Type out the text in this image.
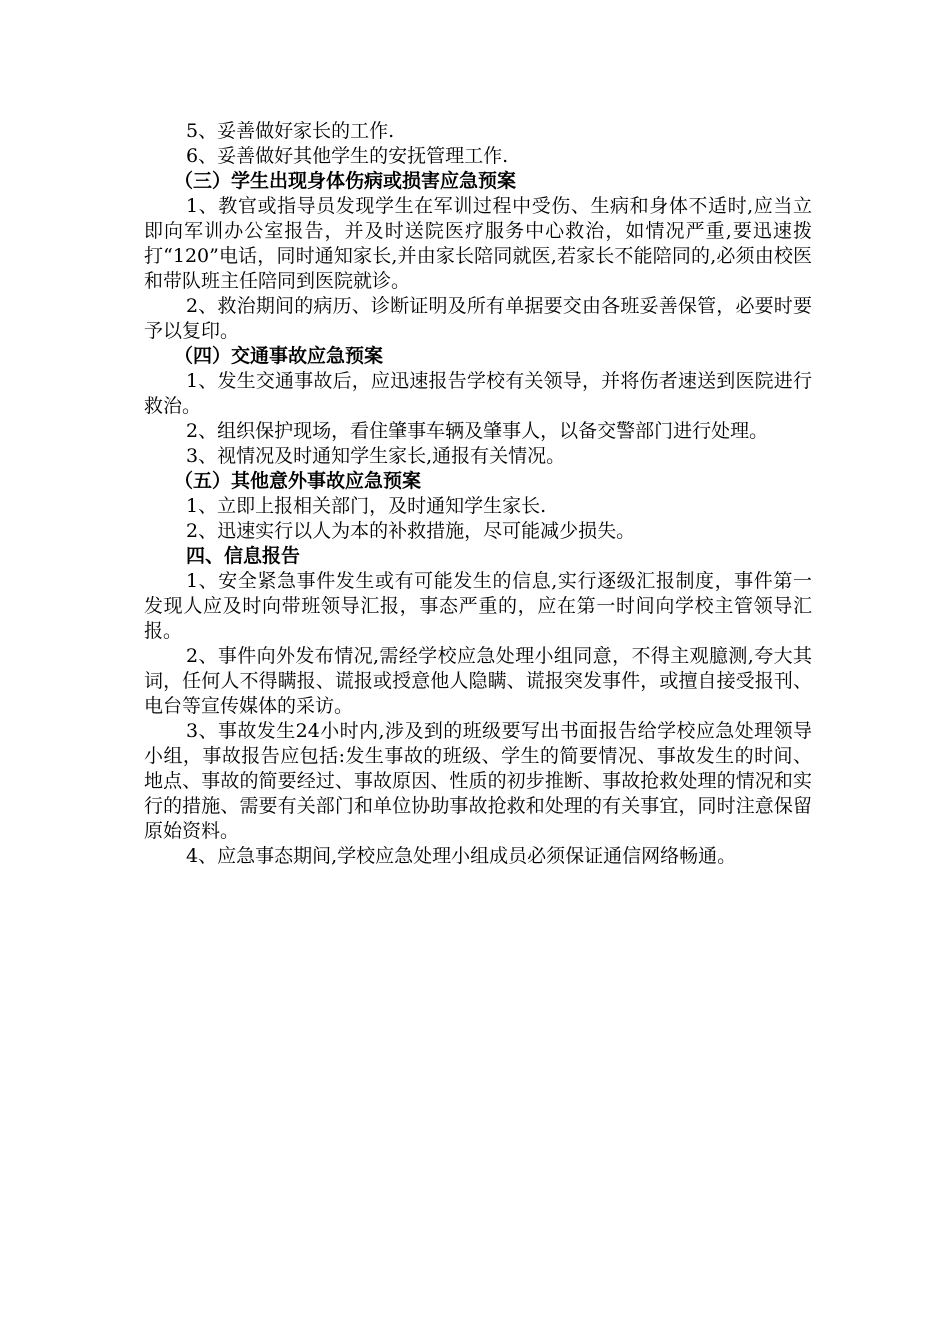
5、妥善做好家长的工作.

6、妥善做好其他学生的安抚管理工作.

（三）学生出现身体伤病或损害应急预案

1、教官或指导员发现学生在军训过程中受伤、生病和身体不适时,应当立即向军训办公室报告，并及时送院医疗服务中心救治，如情况严重,要迅速拨打“120”电话，同时通知家长,并由家长陪同就医,若家长不能陪同的,必须由校医和带队班主任陪同到医院就诊。

2、救治期间的病历、诊断证明及所有单据要交由各班妥善保管，必要时要予以复印。

（四）交通事故应急预案

1、发生交通事故后，应迅速报告学校有关领导，并将伤者速送到医院进行救治。

2、组织保护现场，看住肇事车辆及肇事人，以备交警部门进行处理。

3、视情况及时通知学生家长,通报有关情况。

（五）其他意外事故应急预案

1、立即上报相关部门，及时通知学生家长.

2、迅速实行以人为本的补救措施，尽可能减少损失。

四、信息报告

1、安全紧急事件发生或有可能发生的信息,实行逐级汇报制度，事件第一发现人应及时向带班领导汇报，事态严重的，应在第一时间向学校主管领导汇报。

2、事件向外发布情况,需经学校应急处理小组同意，不得主观臆测,夸大其词，任何人不得瞒报、谎报或授意他人隐瞒、谎报突发事件，或擅自接受报刊、电台等宣传媒体的采访。

3、事故发生24小时内,涉及到的班级要写出书面报告给学校应急处理领导小组，事故报告应包括:发生事故的班级、学生的简要情况、事故发生的时间、地点、事故的简要经过、事故原因、性质的初步推断、事故抢救处理的情况和实行的措施、需要有关部门和单位协助事故抢救和处理的有关事宜，同时注意保留原始资料。

4、应急事态期间,学校应急处理小组成员必须保证通信网络畅通。
